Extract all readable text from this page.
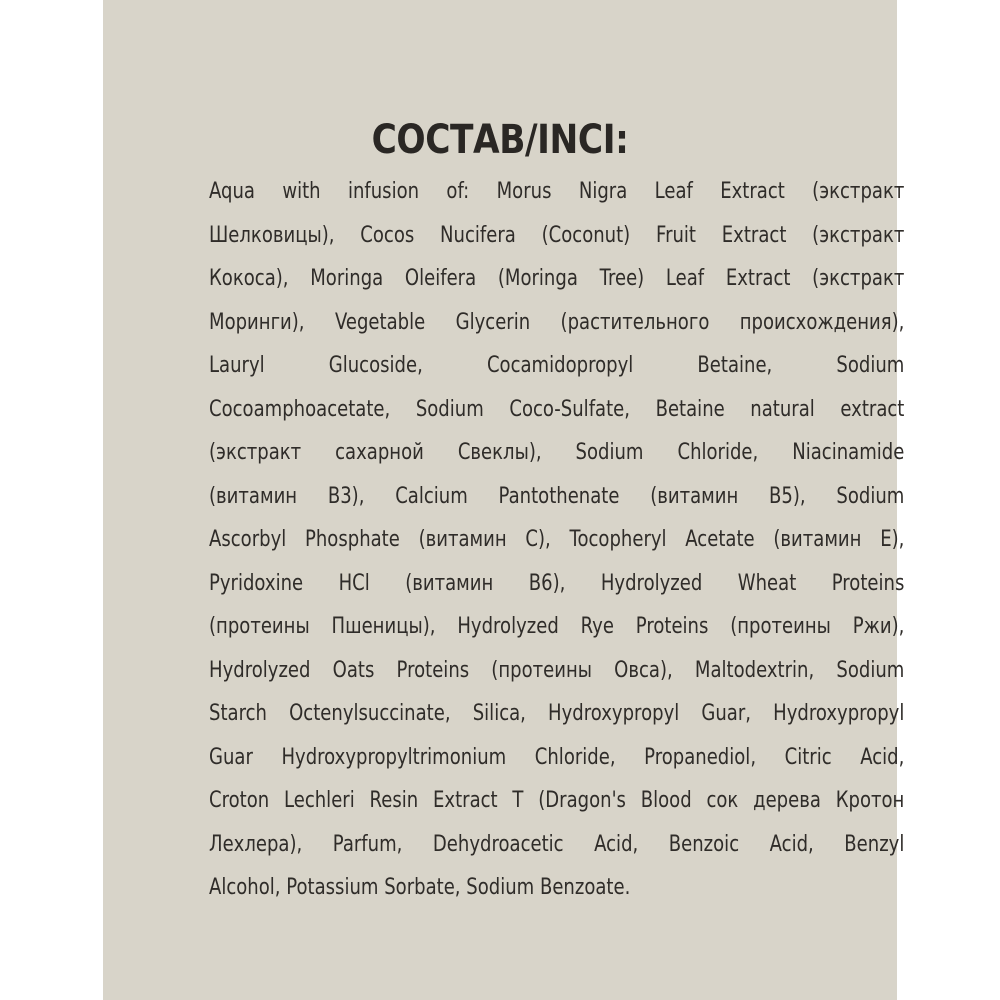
СОСТАВ/INCI:
Aqua with infusion of: Morus Nigra Leaf Extract (экстракт
Шелковицы), Cocos Nucifera (Coconut) Fruit Extract (экстракт
Кокоса), Moringa Oleifera (Moringa Tree) Leaf Extract (экстракт
Моринги), Vegetable Glycerin (растительного происхождения),
Lauryl Glucoside, Cocamidopropyl Betaine, Sodium
Cocoamphoacetate, Sodium Coco-Sulfate, Betaine natural extract
(экстракт сахарной Свеклы), Sodium Chloride, Niacinamide
(витамин B3), Calcium Pantothenate (витамин B5), Sodium
Ascorbyl Phosphate (витамин C), Tocopheryl Acetate (витамин E),
Pyridoxine HCl (витамин B6), Hydrolyzed Wheat Proteins
(протеины Пшеницы), Hydrolyzed Rye Proteins (протеины Ржи),
Hydrolyzed Oats Proteins (протеины Овса), Maltodextrin, Sodium
Starch Octenylsuccinate, Silica, Hydroxypropyl Guar, Hydroxypropyl
Guar Hydroxypropyltrimonium Chloride, Propanediol, Citric Acid,
Croton Lechleri Resin Extract T (Dragon's Blood сок дерева Кротон
Лехлера), Parfum, Dehydroacetic Acid, Benzoic Acid, Benzyl
Alcohol, Potassium Sorbate, Sodium Benzoate.
